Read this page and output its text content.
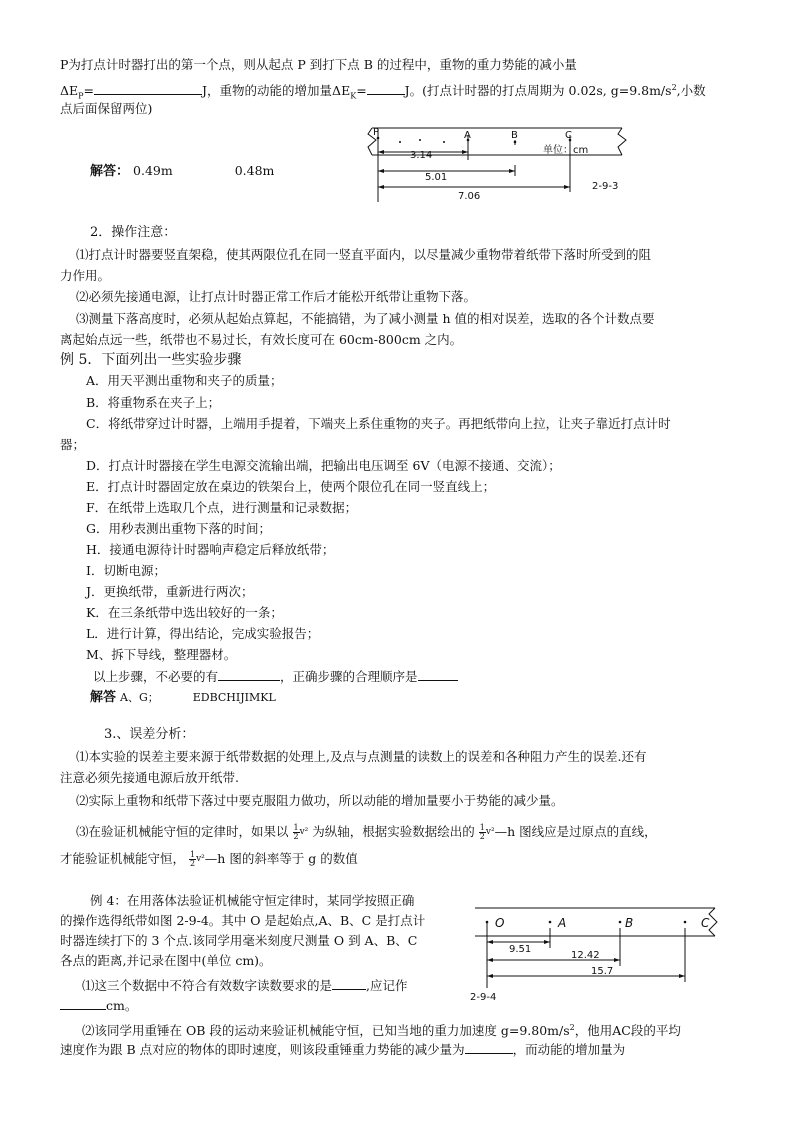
P为打点计时器打出的第一个点，则从起点 P 到打下点 B 的过程中，重物的重力势能的减小量
$\Delta E_P=$	J，重物的动能的增加量$\Delta E_K=$	J。(打点计时器的打点周期为 0.02s, $g=9.8m/s^2$,小数
点后面保留两位)
解答： 0.49m	0.48m
P	A	B	C
3.14
5.01
7.06
单位：cm
2-9-3
2．操作注意：
⑴打点计时器要竖直架稳，使其两限位孔在同一竖直平面内，以尽量减少重物带着纸带下落时所受到的阻
力作用。
⑵必须先接通电源，让打点计时器正常工作后才能松开纸带让重物下落。
⑶测量下落高度时，必须从起始点算起，不能搞错，为了减小测量 h 值的相对误差，选取的各个计数点要
离起始点远一些，纸带也不易过长，有效长度可在 60cm-800cm 之内。
例 5．下面列出一些实验步骤
A．用天平测出重物和夹子的质量；
B．将重物系在夹子上；
C．将纸带穿过计时器，上端用手提着，下端夹上系住重物的夹子。再把纸带向上拉，让夹子靠近打点计时
器；
D．打点计时器接在学生电源交流输出端，把输出电压调至 6V（电源不接通、交流）；
E．打点计时器固定放在桌边的铁架台上，使两个限位孔在同一竖直线上；
F．在纸带上选取几个点，进行测量和记录数据；
G．用秒表测出重物下落的时间；
H．接通电源待计时器响声稳定后释放纸带；
I．切断电源；
J．更换纸带，重新进行两次；
K．在三条纸带中选出较好的一条；
L．进行计算，得出结论，完成实验报告；
M、拆下导线，整理器材。
以上步骤，不必要的有	，正确步骤的合理顺序是
解答 A、G；	EDBCHIJIMKL
3.、误差分析：
⑴本实验的误差主要来源于纸带数据的处理上,及点与点测量的读数上的误差和各种阻力产生的误差.还有
注意必须先接通电源后放开纸带.
⑵实际上重物和纸带下落过中要克服阻力做功，所以动能的增加量要小于势能的减少量。
⑶在验证机械能守恒的定律时，如果以 $\frac{1}{2} ^{v^2}$ 为纵轴，根据实验数据绘出的 $\frac{1}{2}$ $^{v^2}$—h 图线应是过原点的直线，
才能验证机械能守恒， $\frac{1}{2}$ $^{v^2}$—h 图的斜率等于 g 的数值
例 4：在用落体法验证机械能守恒定律时，某同学按照正确
的操作选得纸带如图 2-9-4。其中 O 是起始点,A、B、C 是打点计
时器连续打下的 3 个点.该同学用毫米刻度尺测量 O 到 A、B、C
各点的距离,并记录在图中(单位 cm)。
⑴这三个数据中不符合有效数字读数要求的是	,应记作
cm。
⑵该同学用重锤在 OB 段的运动来验证机械能守恒，已知当地的重力加速度 $g=9.80m/s^2$，他用AC段的平均
速度作为跟 B 点对应的物体的即时速度，则该段重锤重力势能的减少量为	，而动能的增加量为
O	A	B	C
9.51
12.42
15.7
2-9-4
